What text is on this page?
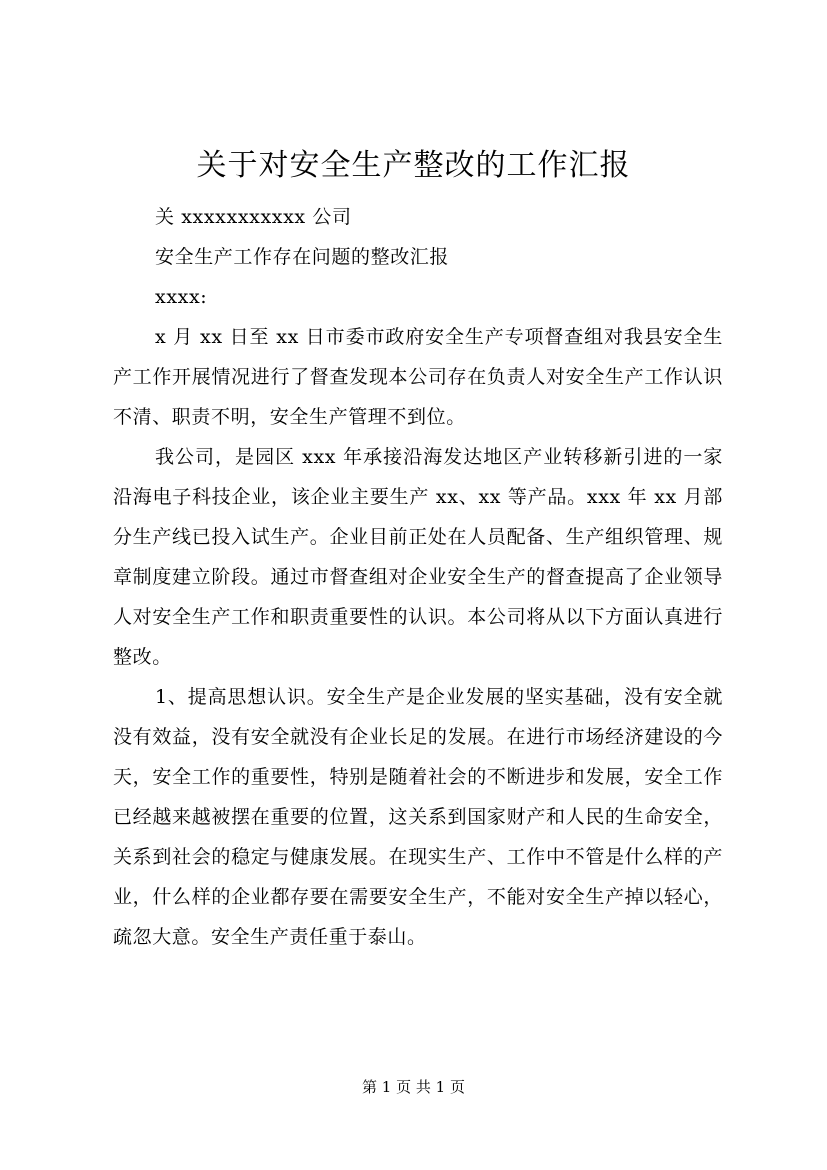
关于对安全生产整改的工作汇报

关 xxxxxxxxxxx 公司

安全生产工作存在问题的整改汇报

xxxx:

x 月 xx 日至 xx 日市委市政府安全生产专项督查组对我县安全生产工作开展情况进行了督查发现本公司存在负责人对安全生产工作认识不清、职责不明，安全生产管理不到位。

我公司，是园区 xxx 年承接沿海发达地区产业转移新引进的一家沿海电子科技企业，该企业主要生产 xx、xx 等产品。xxx 年 xx 月部分生产线已投入试生产。企业目前正处在人员配备、生产组织管理、规章制度建立阶段。通过市督查组对企业安全生产的督查提高了企业领导人对安全生产工作和职责重要性的认识。本公司将从以下方面认真进行整改。

1、提高思想认识。安全生产是企业发展的坚实基础，没有安全就没有效益，没有安全就没有企业长足的发展。在进行市场经济建设的今天，安全工作的重要性，特别是随着社会的不断进步和发展，安全工作已经越来越被摆在重要的位置，这关系到国家财产和人民的生命安全，关系到社会的稳定与健康发展。在现实生产、工作中不管是什么样的产业，什么样的企业都存要在需要安全生产，不能对安全生产掉以轻心，疏忽大意。安全生产责任重于泰山。

第 1 页 共 1 页
